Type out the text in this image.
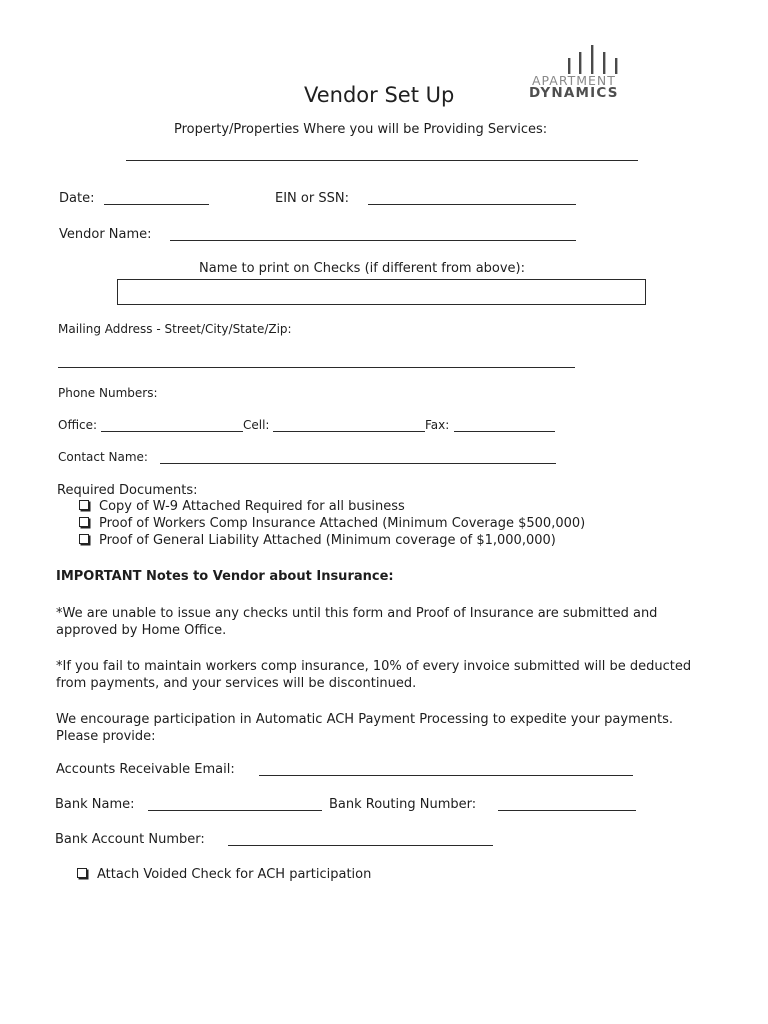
APARTMENT
DYNAMICS
Vendor Set Up
Property/Properties Where you will be Providing Services:
Date:	EIN or SSN:
Vendor Name:
Name to print on Checks (if different from above):
Mailing Address - Street/City/State/Zip:
Phone Numbers:
Office:	Cell:	Fax:
Contact Name:
Required Documents:
Copy of W-9 Attached Required for all business
Proof of Workers Comp Insurance Attached (Minimum Coverage $500,000)
Proof of General Liability Attached (Minimum coverage of $1,000,000)
IMPORTANT Notes to Vendor about Insurance:
*We are unable to issue any checks until this form and Proof of Insurance are submitted and approved by Home Office.
*If you fail to maintain workers comp insurance, 10% of every invoice submitted will be deducted from payments, and your services will be discontinued.
We encourage participation in Automatic ACH Payment Processing to expedite your payments. Please provide:
Accounts Receivable Email:
Bank Name:	Bank Routing Number:
Bank Account Number:
Attach Voided Check for ACH participation
